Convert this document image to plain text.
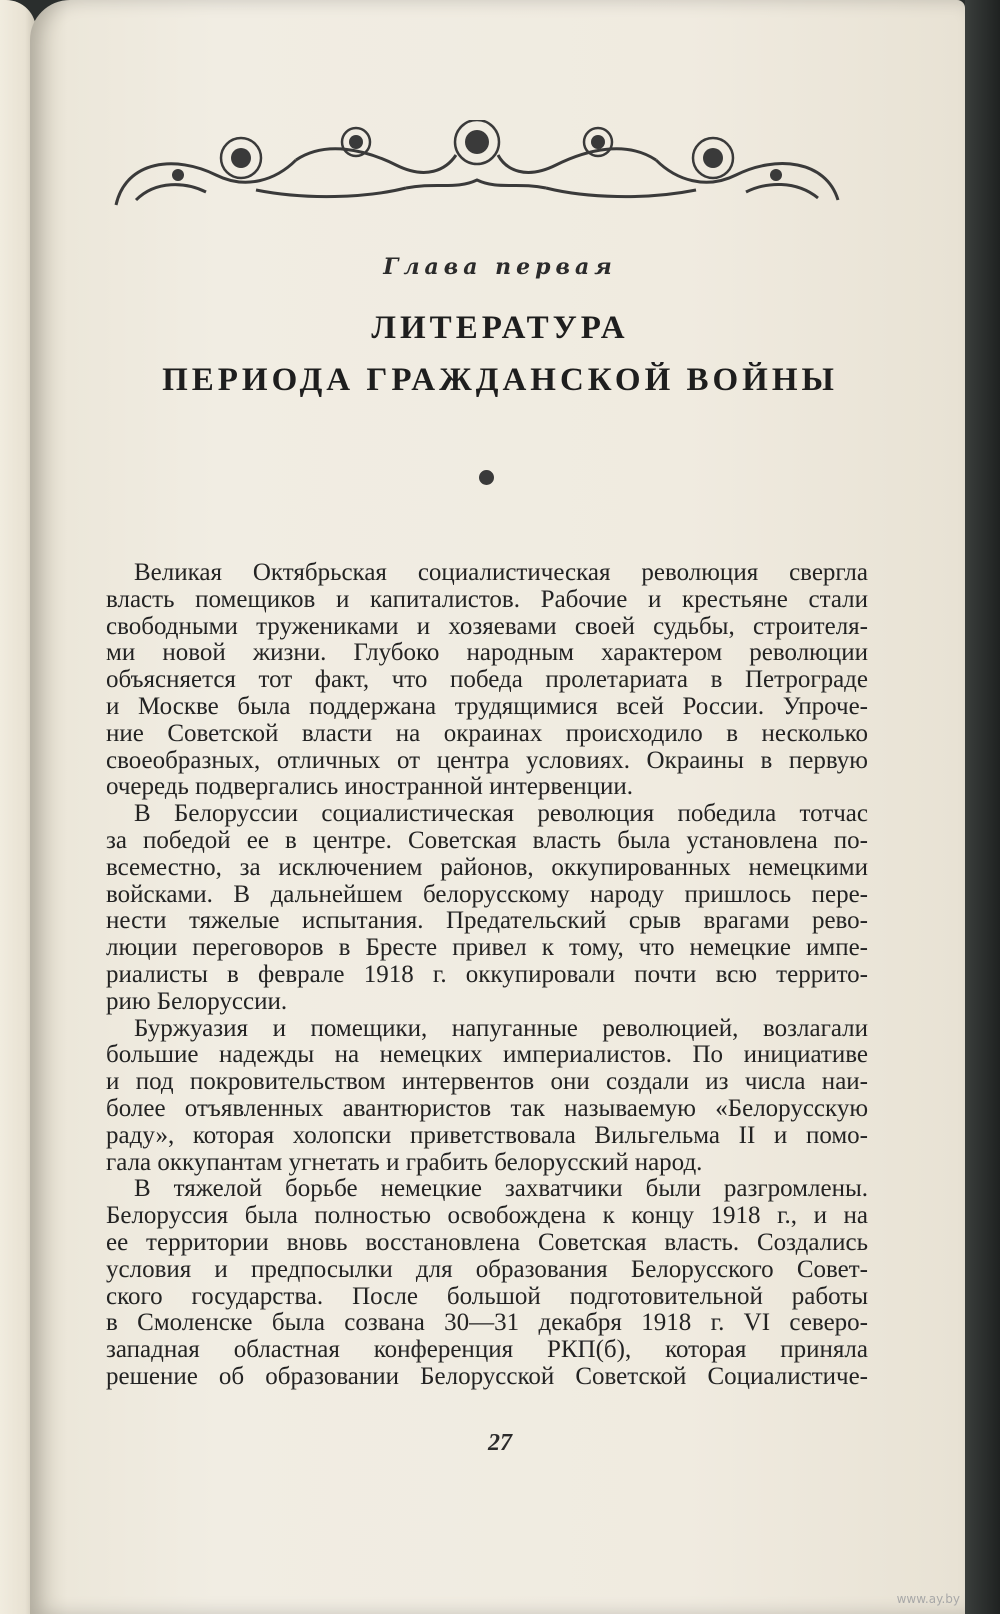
Глава первая
ЛИТЕРАТУРА
ПЕРИОДА ГРАЖДАНСКОЙ ВОЙНЫ
Великая Октябрьская социалистическая революция свергла
власть помещиков и капиталистов. Рабочие и крестьяне стали
свободными тружениками и хозяевами своей судьбы, строителя-
ми новой жизни. Глубоко народным характером революции
объясняется тот факт, что победа пролетариата в Петрограде
и Москве была поддержана трудящимися всей России. Упроче-
ние Советской власти на окраинах происходило в несколько
своеобразных, отличных от центра условиях. Окраины в первую
очередь подвергались иностранной интервенции.
В Белоруссии социалистическая революция победила тотчас
за победой ее в центре. Советская власть была установлена по-
всеместно, за исключением районов, оккупированных немецкими
войсками. В дальнейшем белорусскому народу пришлось пере-
нести тяжелые испытания. Предательский срыв врагами рево-
люции переговоров в Бресте привел к тому, что немецкие импе-
риалисты в феврале 1918 г. оккупировали почти всю террито-
рию Белоруссии.
Буржуазия и помещики, напуганные революцией, возлагали
большие надежды на немецких империалистов. По инициативе
и под покровительством интервентов они создали из числа наи-
более отъявленных авантюристов так называемую «Белорусскую
раду», которая холопски приветствовала Вильгельма II и помо-
гала оккупантам угнетать и грабить белорусский народ.
В тяжелой борьбе немецкие захватчики были разгромлены.
Белоруссия была полностью освобождена к концу 1918 г., и на
ее территории вновь восстановлена Советская власть. Создались
условия и предпосылки для образования Белорусского Совет-
ского государства. После большой подготовительной работы
в Смоленске была созвана 30—31 декабря 1918 г. VI северо-
западная областная конференция РКП(б), которая приняла
решение об образовании Белорусской Советской Социалистиче-
27
www.ay.by
